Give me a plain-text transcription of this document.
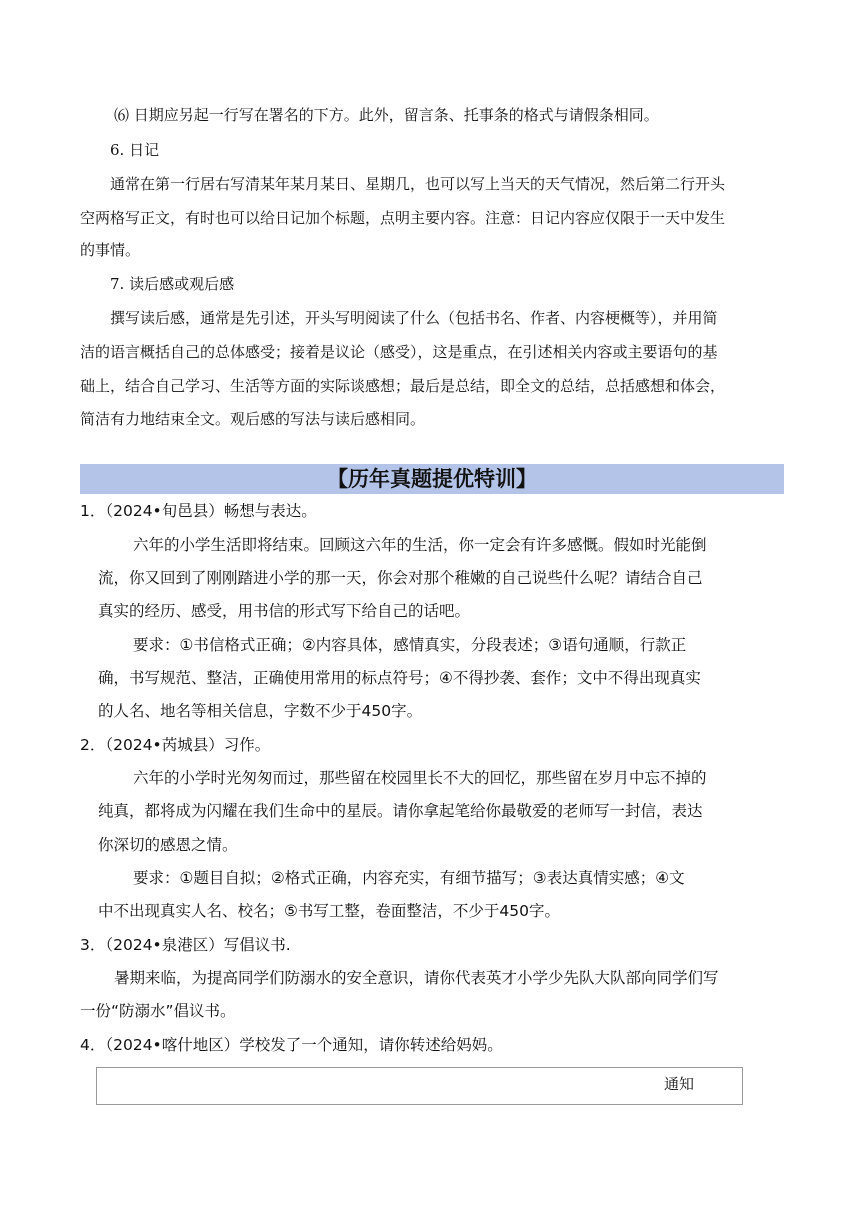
⑹ 日期应另起一行写在署名的下方。此外，留言条、托事条的格式与请假条相同。
6. 日记
通常在第一行居右写清某年某月某日、星期几，也可以写上当天的天气情况，然后第二行开头
空两格写正文，有时也可以给日记加个标题，点明主要内容。注意：日记内容应仅限于一天中发生
的事情。
7. 读后感或观后感
撰写读后感，通常是先引述，开头写明阅读了什么（包括书名、作者、内容梗概等），并用简
洁的语言概括自己的总体感受；接着是议论（感受），这是重点，在引述相关内容或主要语句的基
础上，结合自己学习、生活等方面的实际谈感想；最后是总结，即全文的总结，总括感想和体会，
简洁有力地结束全文。观后感的写法与读后感相同。
【历年真题提优特训】
1．（2024•旬邑县）畅想与表达。
六年的小学生活即将结束。回顾这六年的生活，你一定会有许多感慨。假如时光能倒
流，你又回到了刚刚踏进小学的那一天，你会对那个稚嫩的自己说些什么呢？请结合自己
真实的经历、感受，用书信的形式写下给自己的话吧。
要求：①书信格式正确；②内容具体，感情真实，分段表述；③语句通顺，行款正
确，书写规范、整洁，正确使用常用的标点符号；④不得抄袭、套作；文中不得出现真实
的人名、地名等相关信息，字数不少于450字。
2．（2024•芮城县）习作。
六年的小学时光匆匆而过，那些留在校园里长不大的回忆，那些留在岁月中忘不掉的
纯真，都将成为闪耀在我们生命中的星辰。请你拿起笔给你最敬爱的老师写一封信，表达
你深切的感恩之情。
要求：①题目自拟；②格式正确，内容充实，有细节描写；③表达真情实感；④文
中不出现真实人名、校名；⑤书写工整，卷面整洁，不少于450字。
3．（2024•泉港区）写倡议书.
暑期来临，为提高同学们防溺水的安全意识，请你代表英才小学少先队大队部向同学们写
一份“防溺水”倡议书。
4．（2024•喀什地区）学校发了一个通知，请你转述给妈妈。
通知
